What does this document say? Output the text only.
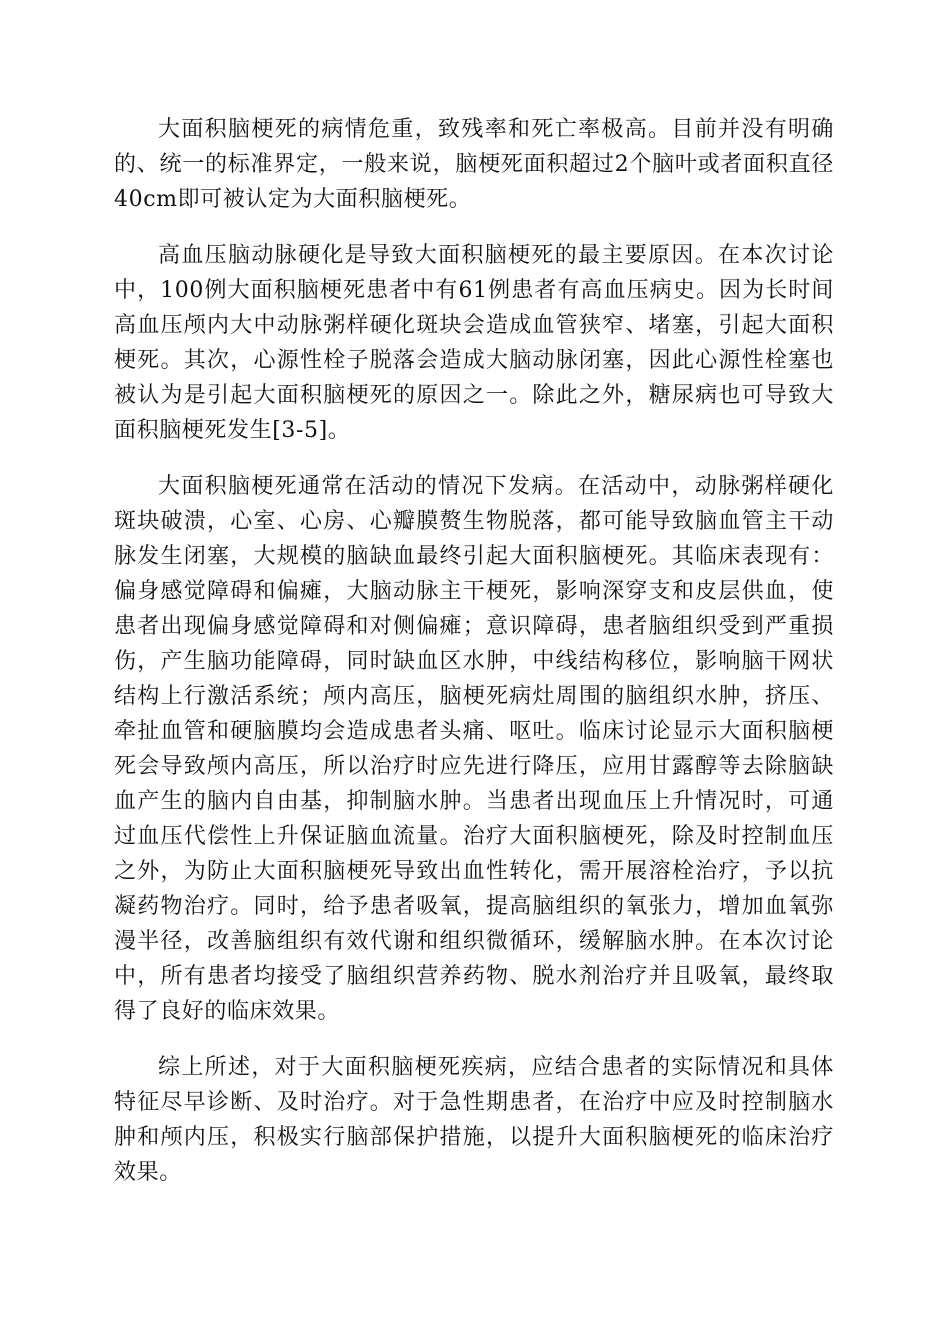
大面积脑梗死的病情危重，致残率和死亡率极高。目前并没有明确的、统一的标准界定，一般来说，脑梗死面积超过2个脑叶或者面积直径40cm即可被认定为大面积脑梗死。

高血压脑动脉硬化是导致大面积脑梗死的最主要原因。在本次讨论中，100例大面积脑梗死患者中有61例患者有高血压病史。因为长时间高血压颅内大中动脉粥样硬化斑块会造成血管狭窄、堵塞，引起大面积梗死。其次，心源性栓子脱落会造成大脑动脉闭塞，因此心源性栓塞也被认为是引起大面积脑梗死的原因之一。除此之外，糖尿病也可导致大面积脑梗死发生[3-5]。

大面积脑梗死通常在活动的情况下发病。在活动中，动脉粥样硬化斑块破溃，心室、心房、心瓣膜赘生物脱落，都可能导致脑血管主干动脉发生闭塞，大规模的脑缺血最终引起大面积脑梗死。其临床表现有：偏身感觉障碍和偏瘫，大脑动脉主干梗死，影响深穿支和皮层供血，使患者出现偏身感觉障碍和对侧偏瘫；意识障碍，患者脑组织受到严重损伤，产生脑功能障碍，同时缺血区水肿，中线结构移位，影响脑干网状结构上行激活系统；颅内高压，脑梗死病灶周围的脑组织水肿，挤压、牵扯血管和硬脑膜均会造成患者头痛、呕吐。临床讨论显示大面积脑梗死会导致颅内高压，所以治疗时应先进行降压，应用甘露醇等去除脑缺血产生的脑内自由基，抑制脑水肿。当患者出现血压上升情况时，可通过血压代偿性上升保证脑血流量。治疗大面积脑梗死，除及时控制血压之外，为防止大面积脑梗死导致出血性转化，需开展溶栓治疗，予以抗凝药物治疗。同时，给予患者吸氧，提高脑组织的氧张力，增加血氧弥漫半径，改善脑组织有效代谢和组织微循环，缓解脑水肿。在本次讨论中，所有患者均接受了脑组织营养药物、脱水剂治疗并且吸氧，最终取得了良好的临床效果。

综上所述，对于大面积脑梗死疾病，应结合患者的实际情况和具体特征尽早诊断、及时治疗。对于急性期患者，在治疗中应及时控制脑水肿和颅内压，积极实行脑部保护措施，以提升大面积脑梗死的临床治疗效果。
